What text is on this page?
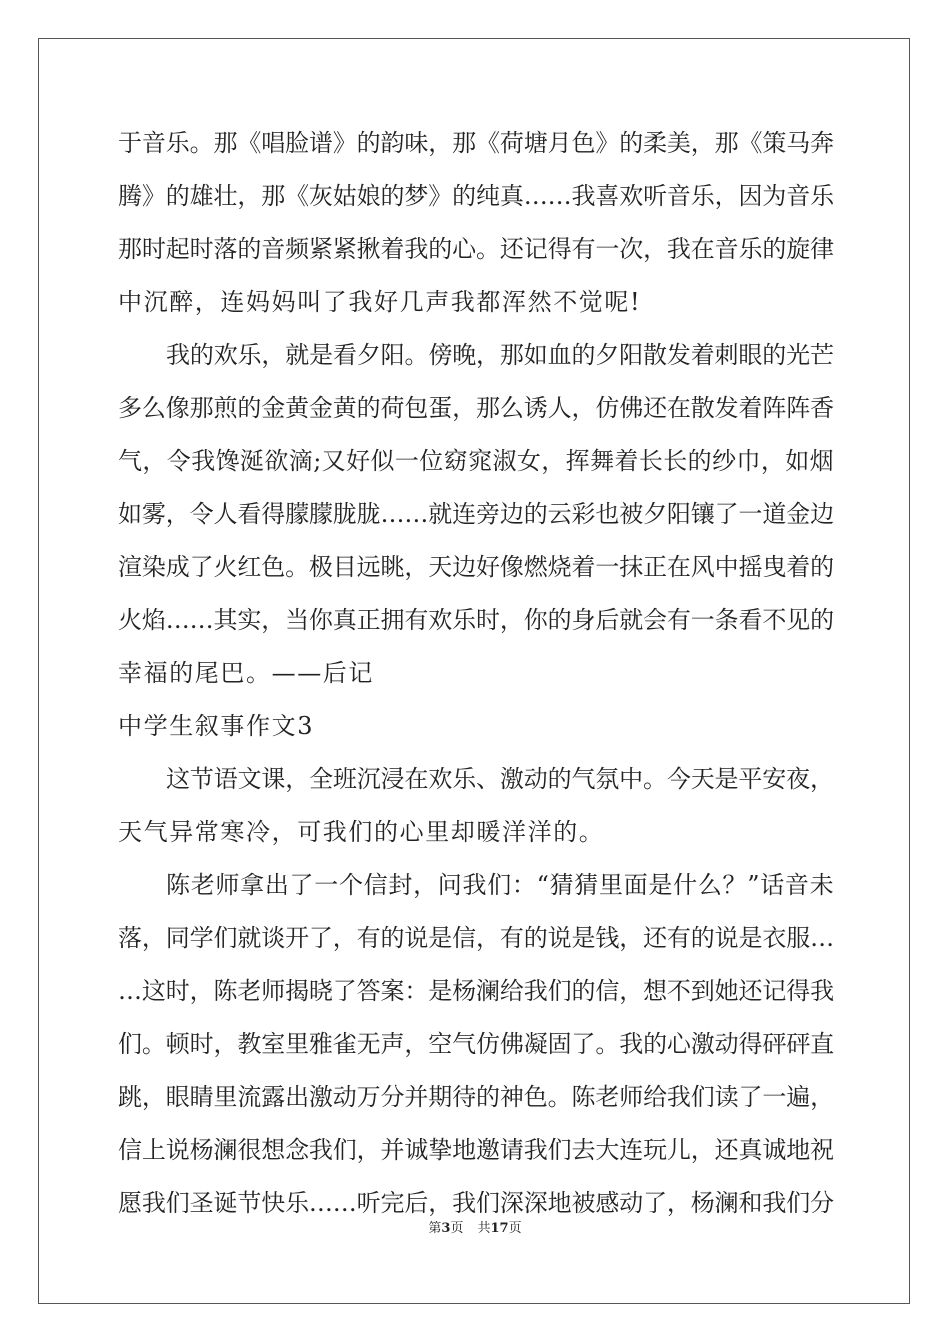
于音乐。那《唱脸谱》的韵味，那《荷塘月色》的柔美，那《策马奔
腾》的雄壮，那《灰姑娘的梦》的纯真……我喜欢听音乐，因为音乐
那时起时落的音频紧紧揪着我的心。还记得有一次，我在音乐的旋律
中沉醉，连妈妈叫了我好几声我都浑然不觉呢!
我的欢乐，就是看夕阳。傍晚，那如血的夕阳散发着刺眼的光芒
多么像那煎的金黄金黄的荷包蛋，那么诱人，仿佛还在散发着阵阵香
气，令我馋涎欲滴;又好似一位窈窕淑女，挥舞着长长的纱巾，如烟
如雾，令人看得朦朦胧胧……就连旁边的云彩也被夕阳镶了一道金边
渲染成了火红色。极目远眺，天边好像燃烧着一抹正在风中摇曳着的
火焰……其实，当你真正拥有欢乐时，你的身后就会有一条看不见的
幸福的尾巴。——后记
中学生叙事作文3
这节语文课，全班沉浸在欢乐、激动的气氛中。今天是平安夜，
天气异常寒冷，可我们的心里却暖洋洋的。
陈老师拿出了一个信封，问我们：“猜猜里面是什么？”话音未
落，同学们就谈开了，有的说是信，有的说是钱，还有的说是衣服…
…这时，陈老师揭晓了答案：是杨澜给我们的信，想不到她还记得我
们。顿时，教室里雅雀无声，空气仿佛凝固了。我的心激动得砰砰直
跳，眼睛里流露出激动万分并期待的神色。陈老师给我们读了一遍，
信上说杨澜很想念我们，并诚挚地邀请我们去大连玩儿，还真诚地祝
愿我们圣诞节快乐……听完后，我们深深地被感动了，杨澜和我们分
第3页 共17页
